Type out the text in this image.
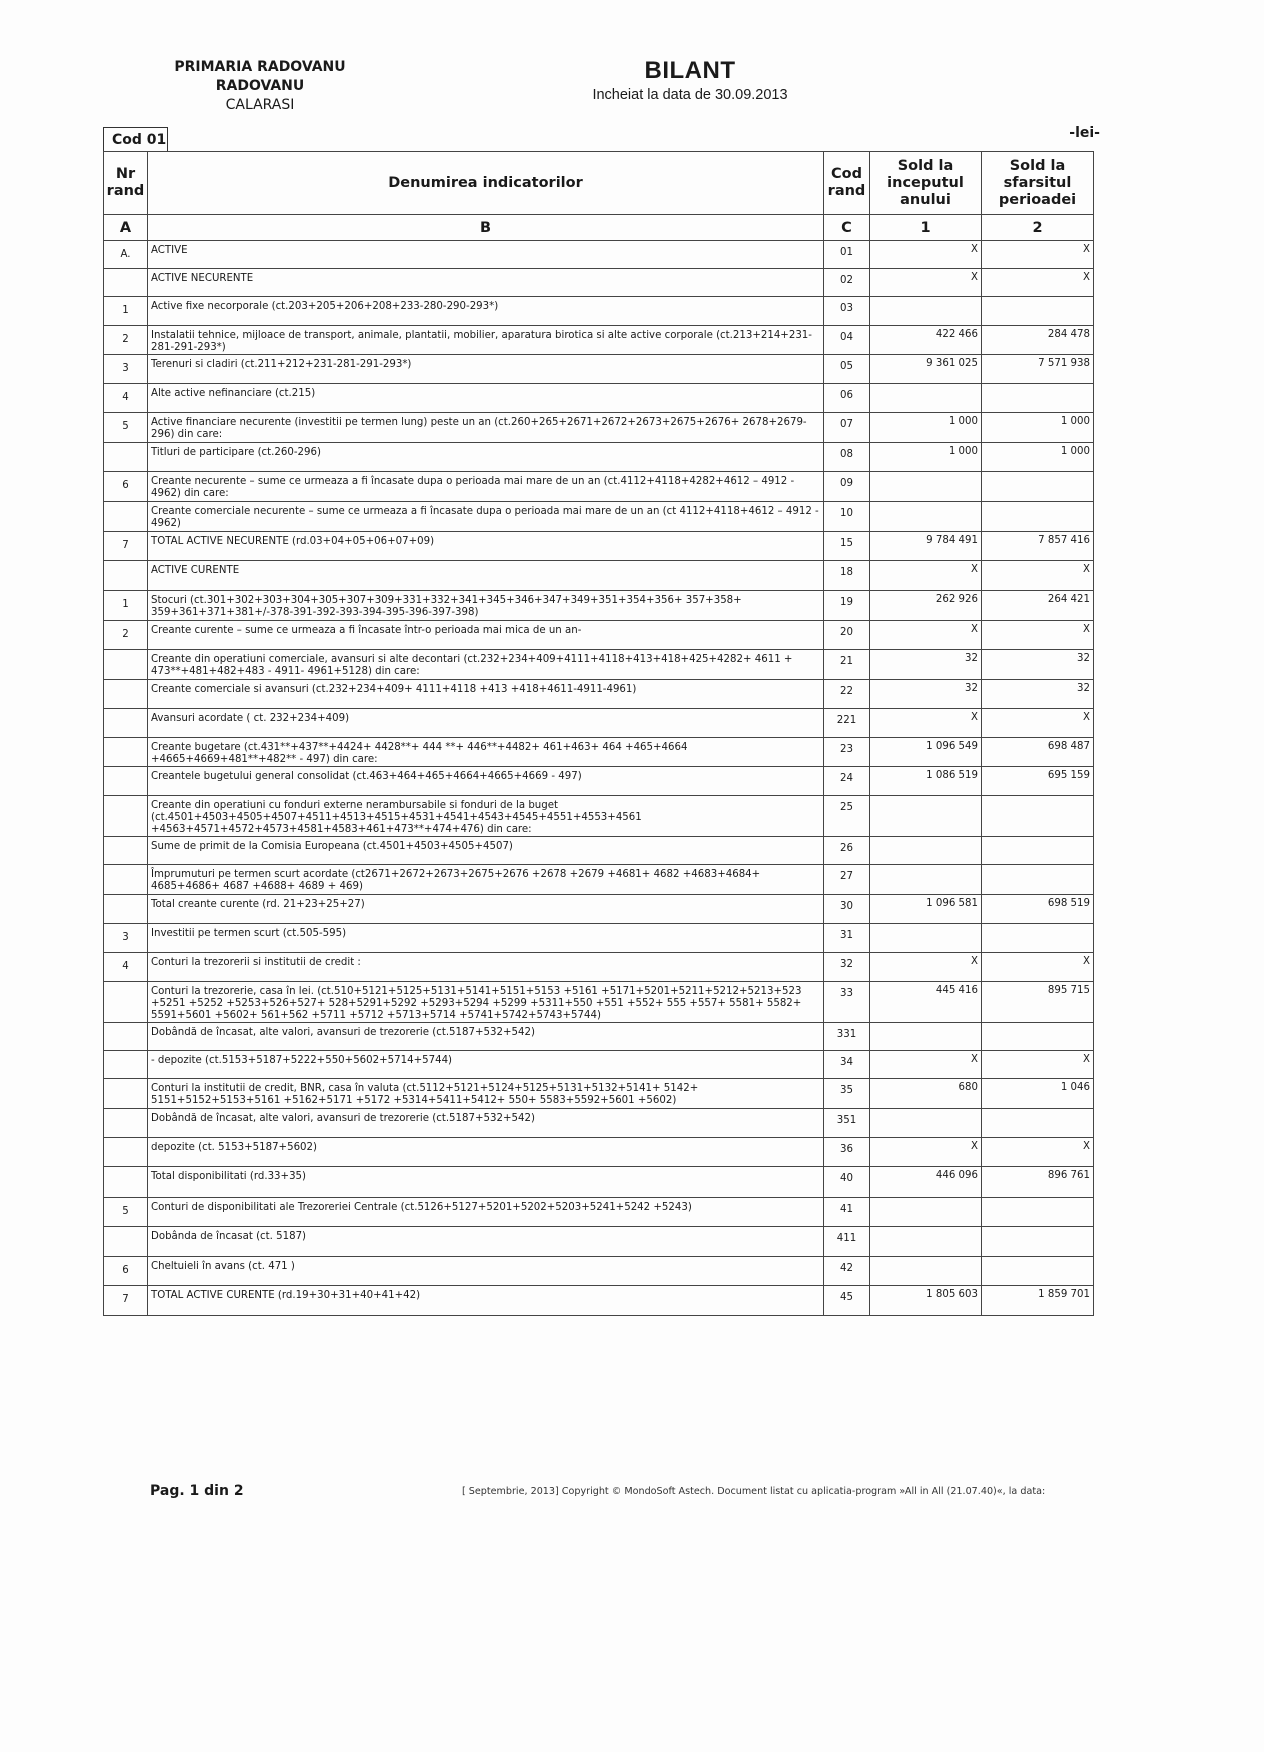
PRIMARIA RADOVANU
RADOVANU
CALARASI
BILANT
Incheiat la data de 30.09.2013
Cod 01	-lei-
Nr rand	Denumirea indicatorilor	Cod rand	Sold la inceputul anului	Sold la sfarsitul perioadei
A	B	C	1	2
A.	ACTIVE	01	X	X
	ACTIVE NECURENTE	02	X	X
1	Active fixe necorporale (ct.203+205+206+208+233-280-290-293*)	03		
2	Instalatii tehnice, mijloace de transport, animale, plantatii, mobilier, aparatura birotica si alte active corporale (ct.213+214+231-281-291-293*)	04	422 466	284 478
3	Terenuri si cladiri (ct.211+212+231-281-291-293*)	05	9 361 025	7 571 938
4	Alte active nefinanciare (ct.215)	06		
5	Active financiare necurente (investitii pe termen lung) peste un an (ct.260+265+2671+2672+2673+2675+2676+ 2678+2679-296) din care:	07	1 000	1 000
	Titluri de participare (ct.260-296)	08	1 000	1 000
6	Creante necurente – sume ce urmeaza a fi încasate dupa o perioada mai mare de un an (ct.4112+4118+4282+4612 – 4912 - 4962) din care:	09		
	Creante comerciale necurente – sume ce urmeaza a fi încasate dupa o perioada mai mare de un an (ct 4112+4118+4612 – 4912 - 4962)	10		
7	TOTAL ACTIVE NECURENTE (rd.03+04+05+06+07+09)	15	9 784 491	7 857 416
	ACTIVE CURENTE	18	X	X
1	Stocuri (ct.301+302+303+304+305+307+309+331+332+341+345+346+347+349+351+354+356+ 357+358+ 359+361+371+381+/-378-391-392-393-394-395-396-397-398)	19	262 926	264 421
2	Creante curente – sume ce urmeaza a fi încasate într-o perioada mai mica de un an-	20	X	X
	Creante din operatiuni comerciale, avansuri si alte decontari (ct.232+234+409+4111+4118+413+418+425+4282+ 4611 + 473**+481+482+483 - 4911- 4961+5128) din care:	21	32	32
	Creante comerciale si avansuri (ct.232+234+409+ 4111+4118 +413 +418+4611-4911-4961)	22	32	32
	Avansuri acordate ( ct. 232+234+409)	221	X	X
	Creante bugetare (ct.431**+437**+4424+ 4428**+ 444 **+ 446**+4482+ 461+463+ 464 +465+4664 +4665+4669+481**+482** - 497) din care:	23	1 096 549	698 487
	Creantele bugetului general consolidat (ct.463+464+465+4664+4665+4669 - 497)	24	1 086 519	695 159
	Creante din operatiuni cu fonduri externe nerambursabile si fonduri de la buget (ct.4501+4503+4505+4507+4511+4513+4515+4531+4541+4543+4545+4551+4553+4561 +4563+4571+4572+4573+4581+4583+461+473**+474+476) din care:	25		
	Sume de primit de la Comisia Europeana (ct.4501+4503+4505+4507)	26		
	Împrumuturi pe termen scurt acordate (ct2671+2672+2673+2675+2676 +2678 +2679 +4681+ 4682 +4683+4684+ 4685+4686+ 4687 +4688+ 4689 + 469)	27		
	Total creante curente (rd. 21+23+25+27)	30	1 096 581	698 519
3	Investitii pe termen scurt (ct.505-595)	31		
4	Conturi la trezorerii si institutii de credit :	32	X	X
	Conturi la trezorerie, casa în lei. (ct.510+5121+5125+5131+5141+5151+5153 +5161 +5171+5201+5211+5212+5213+523 +5251 +5252 +5253+526+527+ 528+5291+5292 +5293+5294 +5299 +5311+550 +551 +552+ 555 +557+ 5581+ 5582+ 5591+5601 +5602+ 561+562 +5711 +5712 +5713+5714 +5741+5742+5743+5744)	33	445 416	895 715
	Dobândă de încasat, alte valori, avansuri de trezorerie (ct.5187+532+542)	331		
	- depozite (ct.5153+5187+5222+550+5602+5714+5744)	34	X	X
	Conturi la institutii de credit, BNR, casa în valuta (ct.5112+5121+5124+5125+5131+5132+5141+ 5142+ 5151+5152+5153+5161 +5162+5171 +5172 +5314+5411+5412+ 550+ 5583+5592+5601 +5602)	35	680	1 046
	Dobândă de încasat, alte valori, avansuri de trezorerie (ct.5187+532+542)	351		
	depozite (ct. 5153+5187+5602)	36	X	X
	Total disponibilitati (rd.33+35)	40	446 096	896 761
5	Conturi de disponibilitati ale Trezoreriei Centrale (ct.5126+5127+5201+5202+5203+5241+5242 +5243)	41		
	Dobânda de încasat (ct. 5187)	411		
6	Cheltuieli în avans (ct. 471 )	42		
7	TOTAL ACTIVE CURENTE (rd.19+30+31+40+41+42)	45	1 805 603	1 859 701
Pag. 1 din 2	[ Septembrie, 2013] Copyright © MondoSoft Astech. Document listat cu aplicatia-program »All in All (21.07.40)«, la data:
